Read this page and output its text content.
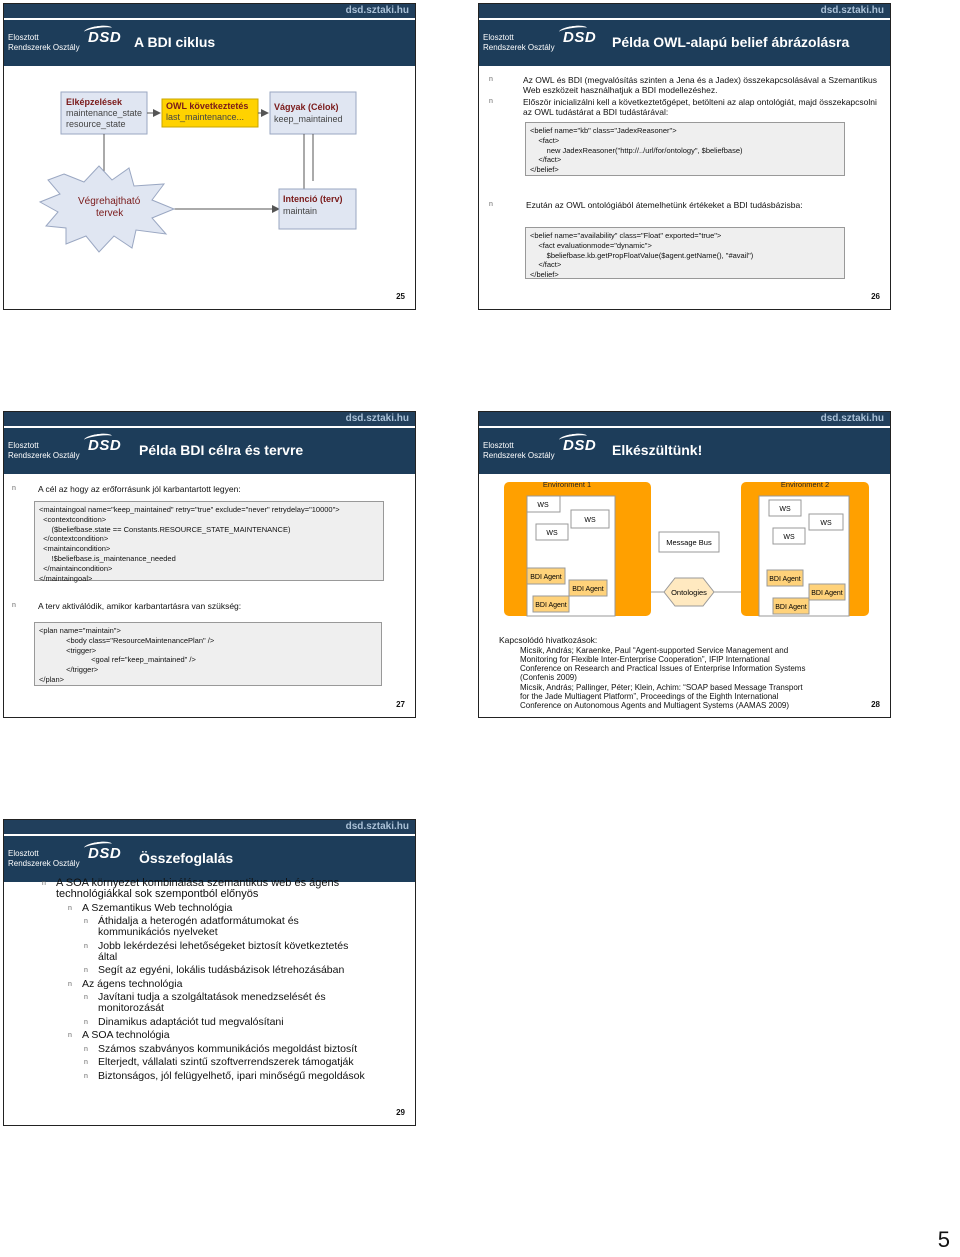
dsd.sztaki.hu
Elosztott
Rendszerek Osztály
DSD A BDI ciklus
Elképzelések
maintenance_state
resource_state
OWL következtetés
last_maintenance...
Vágyak (Célok)
keep_maintained
Végrehajtható
tervek
Intenció (terv)
maintain
25
dsd.sztaki.hu
Elosztott
Rendszerek Osztály
DSD Példa OWL-alapú belief ábrázolásra
n	Az OWL és BDI (megvalósítás szinten a Jena és a Jadex) összekapcsolásával a Szemantikus Web eszközeit használhatjuk a BDI modellezéshez.
n	Először inicializálni kell a következtetőgépet, betölteni az alap ontológiát, majd összekapcsolni az OWL tudástárat a BDI tudástárával:
<belief name="kb" class="JadexReasoner">
<fact>
new JadexReasoner("http://../url/for/ontology", $beliefbase)
</fact>
</belief>
n	Ezután az OWL ontológiából átemelhetünk értékeket a BDI tudásbázisba:
<belief name="availability" class="Float" exported="true">
<fact evaluationmode="dynamic">
$beliefbase.kb.getPropFloatValue($agent.getName(), "#avail")
</fact>
</belief>
26
dsd.sztaki.hu
Elosztott
Rendszerek Osztály
DSD Példa BDI célra és tervre
n	A cél az hogy az erőforrásunk jól karbantartott legyen:
<maintaingoal name="keep_maintained" retry="true" exclude="never" retrydelay="10000">
<contextcondition>
($beliefbase.state == Constants.RESOURCE_STATE_MAINTENANCE)
</contextcondition>
<maintaincondition>
!$beliefbase.is_maintenance_needed
</maintaincondition>
</maintaingoal>
n	A terv aktiválódik, amikor karbantartásra van szükség:
<plan name="maintain">
<body class="ResourceMaintenancePlan" />
<trigger>
<goal ref="keep_maintained" />
</trigger>
</plan>
27
dsd.sztaki.hu
Elosztott
Rendszerek Osztály
DSD Elkészültünk!
Environment 1
WS
WS
WS
BDI Agent
BDI Agent
BDI Agent
Environment 2
WS
WS
WS
BDI Agent
BDI Agent
BDI Agent
Message Bus
Ontologies
Kapcsolódó hivatkozások:
Micsik, András; Karaenke, Paul “Agent-supported Service Management and
Monitoring for Flexible Inter-Enterprise Cooperation”, IFIP International
Conference on Research and Practical Issues of Enterprise Information Systems
(Confenis 2009)
Micsik, András; Pallinger, Péter; Klein, Achim: “SOAP based Message Transport
for the Jade Multiagent Platform”, Proceedings of the Eighth International
Conference on Autonomous Agents and Multiagent Systems (AAMAS 2009)	28
dsd.sztaki.hu
Elosztott
Rendszerek Osztály
DSD Összefoglalás
n A SOA környezet kombinálása szemantikus web és ágens
technológiákkal sok szempontból előnyös
n A Szemantikus Web technológia
n Áthidalja a heterogén adatformátumokat és
kommunikációs nyelveket
n Jobb lekérdezési lehetőségeket biztosít következtetés
által
n Segít az egyéni, lokális tudásbázisok létrehozásában
n Az ágens technológia
n Javítani tudja a szolgáltatások menedzselését és
monitorozását
n Dinamikus adaptációt tud megvalósítani
n A SOA technológia
n Számos szabványos kommunikációs megoldást biztosít
n Elterjedt, vállalati szintű szoftverrendszerek támogatják
n Biztonságos, jól felügyelhető, ipari minőségű megoldások
29
5
